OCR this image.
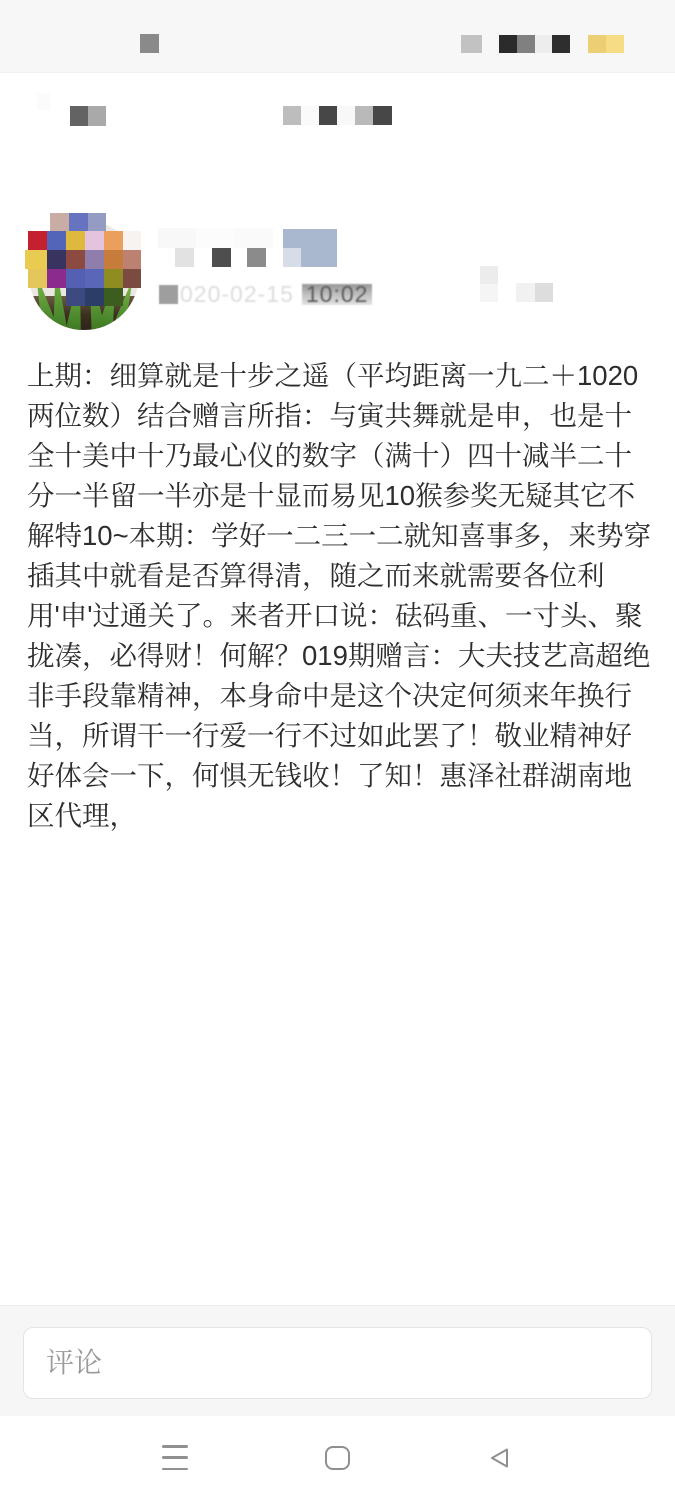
020-02-15 10:02
上期：细算就是十步之遥（平均距离一九二＋1020两位数）结合赠言所指：与寅共舞就是申，也是十全十美中十乃最心仪的数字（满十）四十减半二十分一半留一半亦是十显而易见10猴参奖无疑其它不解特10~本期：学好一二三一二就知喜事多，来势穿插其中就看是否算得清，随之而来就需要各位利用'申'过通关了。来者开口说：砝码重、一寸头、聚拢凑，必得财！何解？019期赠言：大夫技艺高超绝非手段靠精神，本身命中是这个决定何须来年换行当，所谓干一行爱一行不过如此罢了！敬业精神好好体会一下，何惧无钱收！了知！惠泽社群湖南地区代理，
评论
